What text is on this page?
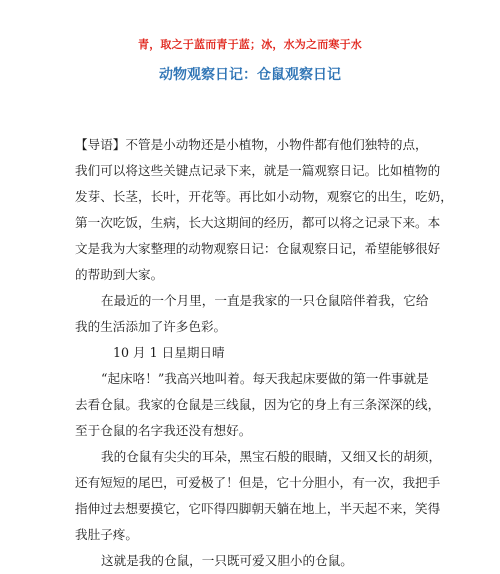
青，取之于蓝而青于蓝；冰，水为之而寒于水
动物观察日记：仓鼠观察日记
【导语】不管是小动物还是小植物，小物件都有他们独特的点，
我们可以将这些关键点记录下来，就是一篇观察日记。比如植物的
发芽、长茎，长叶，开花等。再比如小动物，观察它的出生，吃奶，
第一次吃饭，生病，长大这期间的经历，都可以将之记录下来。本
文是我为大家整理的动物观察日记：仓鼠观察日记，希望能够很好
的帮助到大家。
在最近的一个月里，一直是我家的一只仓鼠陪伴着我，它给
我的生活添加了许多色彩。
10 月 1 日星期日晴
“起床咯！”我高兴地叫着。每天我起床要做的第一件事就是
去看仓鼠。我家的仓鼠是三线鼠，因为它的身上有三条深深的线，
至于仓鼠的名字我还没有想好。
我的仓鼠有尖尖的耳朵，黑宝石般的眼睛，又细又长的胡须，
还有短短的尾巴，可爱极了！但是，它十分胆小，有一次，我把手
指伸过去想要摸它，它吓得四脚朝天躺在地上，半天起不来，笑得
我肚子疼。
这就是我的仓鼠，一只既可爱又胆小的仓鼠。
